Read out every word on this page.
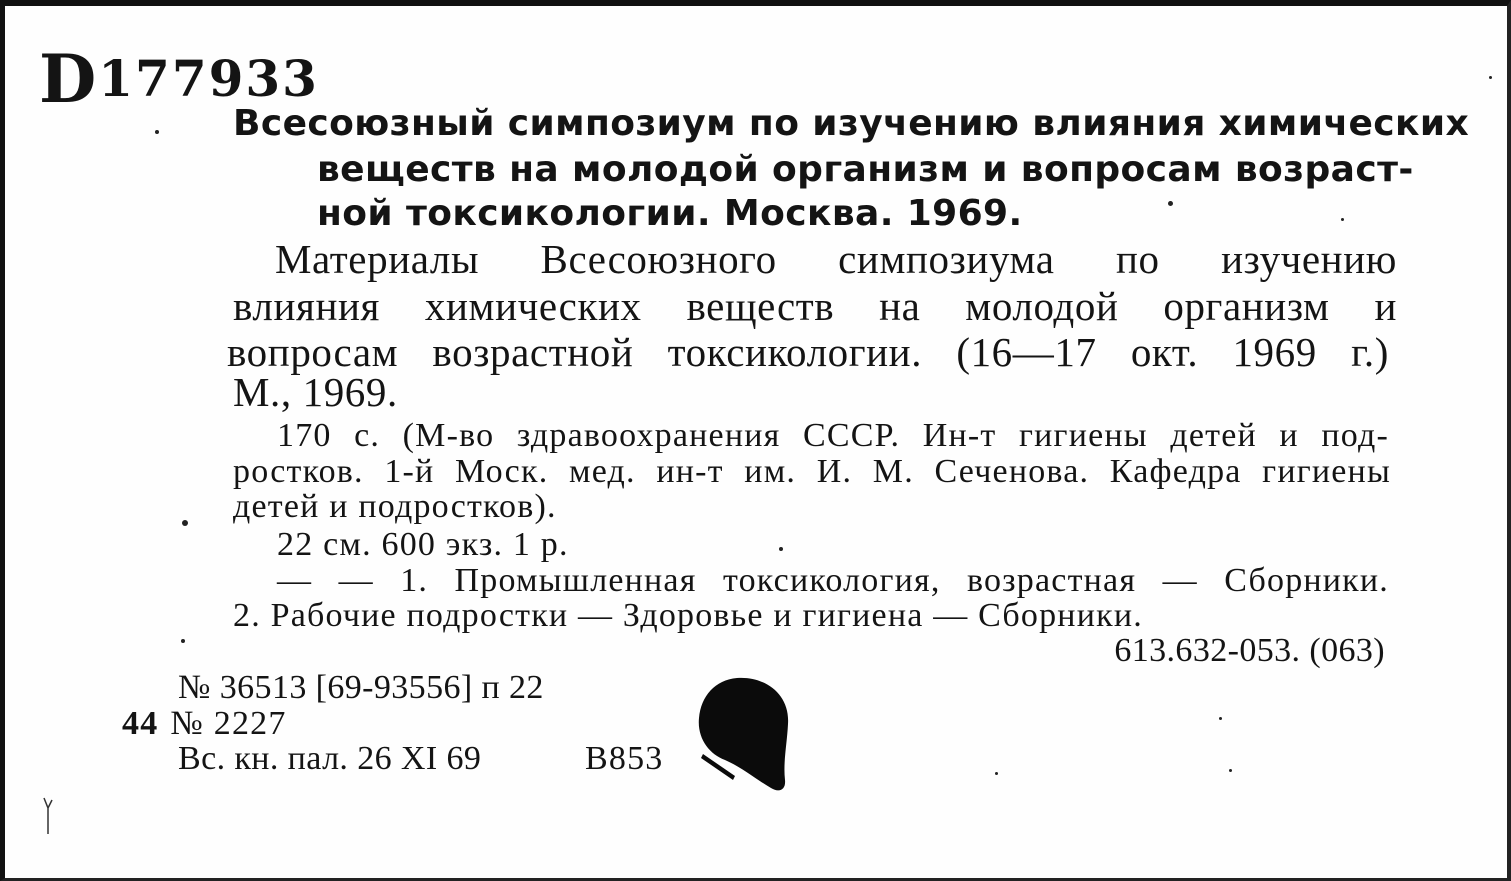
D177933
Всесоюзный симпозиум по изучению влияния химических
веществ на молодой организм и вопросам возраст-
ной токсикологии. Москва. 1969.
Материалы Всесоюзного симпозиума по изучению
влияния химических веществ на молодой организм и
вопросам возрастной токсикологии. (16—17 окт. 1969 г.)
М., 1969.
170 с. (М-во здравоохранения СССР. Ин-т гигиены детей и под-
ростков. 1-й Моск. мед. ин-т им. И. М. Сеченова. Кафедра гигиены
детей и подростков).
22 см. 600 экз. 1 р.
— — 1. Промышленная токсикология, возрастная — Сборники.
2. Рабочие подростки — Здоровье и гигиена — Сборники.
613.632-053. (063)
№ 36513 [69-93556] п 22
44 № 2227
Вс. кн. пал. 26 XI 69	B853
